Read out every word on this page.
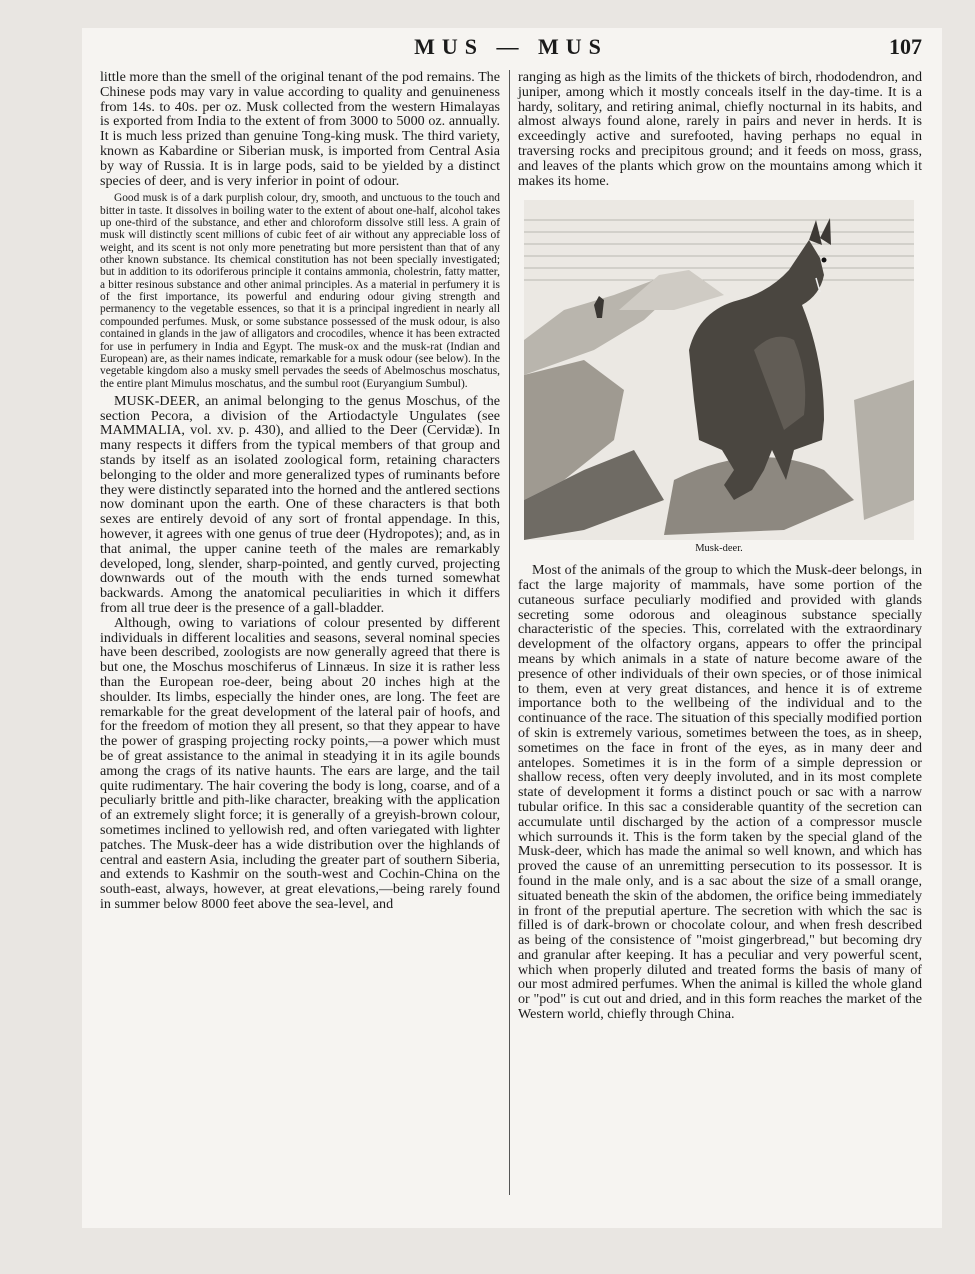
MUS — MUS	107

little more than the smell of the original tenant of the pod remains. The Chinese pods may vary in value according to quality and genuineness from 14s. to 40s. per oz. Musk collected from the western Himalayas is exported from India to the extent of from 3000 to 5000 oz. annually. It is much less prized than genuine Tong-king musk. The third variety, known as Kabardine or Siberian musk, is imported from Central Asia by way of Russia. It is in large pods, said to be yielded by a distinct species of deer, and is very inferior in point of odour.

Good musk is of a dark purplish colour, dry, smooth, and unctuous to the touch and bitter in taste. It dissolves in boiling water to the extent of about one-half, alcohol takes up one-third of the substance, and ether and chloroform dissolve still less. A grain of musk will distinctly scent millions of cubic feet of air without any appreciable loss of weight, and its scent is not only more penetrating but more persistent than that of any other known substance. Its chemical constitution has not been specially investigated; but in addition to its odoriferous principle it contains ammonia, cholestrin, fatty matter, a bitter resinous substance and other animal principles. As a material in perfumery it is of the first importance, its powerful and enduring odour giving strength and permanency to the vegetable essences, so that it is a principal ingredient in nearly all compounded perfumes. Musk, or some substance possessed of the musk odour, is also contained in glands in the jaw of alligators and crocodiles, whence it has been extracted for use in perfumery in India and Egypt. The musk-ox and the musk-rat (Indian and European) are, as their names indicate, remarkable for a musk odour (see below). In the vegetable kingdom also a musky smell pervades the seeds of Abelmoschus moschatus, the entire plant Mimulus moschatus, and the sumbul root (Euryangium Sumbul).

MUSK-DEER, an animal belonging to the genus Moschus, of the section Pecora, a division of the Artiodactyle Ungulates (see MAMMALIA, vol. xv. p. 430), and allied to the Deer (Cervidæ). In many respects it differs from the typical members of that group and stands by itself as an isolated zoological form, retaining characters belonging to the older and more generalized types of ruminants before they were distinctly separated into the horned and the antlered sections now dominant upon the earth. One of these characters is that both sexes are entirely devoid of any sort of frontal appendage. In this, however, it agrees with one genus of true deer (Hydropotes); and, as in that animal, the upper canine teeth of the males are remarkably developed, long, slender, sharp-pointed, and gently curved, projecting downwards out of the mouth with the ends turned somewhat backwards. Among the anatomical peculiarities in which it differs from all true deer is the presence of a gall-bladder.

Although, owing to variations of colour presented by different individuals in different localities and seasons, several nominal species have been described, zoologists are now generally agreed that there is but one, the Moschus moschiferus of Linnæus. In size it is rather less than the European roe-deer, being about 20 inches high at the shoulder. Its limbs, especially the hinder ones, are long. The feet are remarkable for the great development of the lateral pair of hoofs, and for the freedom of motion they all present, so that they appear to have the power of grasping projecting rocky points,—a power which must be of great assistance to the animal in steadying it in its agile bounds among the crags of its native haunts. The ears are large, and the tail quite rudimentary. The hair covering the body is long, coarse, and of a peculiarly brittle and pith-like character, breaking with the application of an extremely slight force; it is generally of a greyish-brown colour, sometimes inclined to yellowish red, and often variegated with lighter patches. The Musk-deer has a wide distribution over the highlands of central and eastern Asia, including the greater part of southern Siberia, and extends to Kashmir on the south-west and Cochin-China on the south-east, always, however, at great elevations,—being rarely found in summer below 8000 feet above the sea-level, and

ranging as high as the limits of the thickets of birch, rhododendron, and juniper, among which it mostly conceals itself in the day-time. It is a hardy, solitary, and retiring animal, chiefly nocturnal in its habits, and almost always found alone, rarely in pairs and never in herds. It is exceedingly active and surefooted, having perhaps no equal in traversing rocks and precipitous ground; and it feeds on moss, grass, and leaves of the plants which grow on the mountains among which it makes its home.

Musk-deer.

Most of the animals of the group to which the Musk-deer belongs, in fact the large majority of mammals, have some portion of the cutaneous surface peculiarly modified and provided with glands secreting some odorous and oleaginous substance specially characteristic of the species. This, correlated with the extraordinary development of the olfactory organs, appears to offer the principal means by which animals in a state of nature become aware of the presence of other individuals of their own species, or of those inimical to them, even at very great distances, and hence it is of extreme importance both to the wellbeing of the individual and to the continuance of the race. The situation of this specially modified portion of skin is extremely various, sometimes between the toes, as in sheep, sometimes on the face in front of the eyes, as in many deer and antelopes. Sometimes it is in the form of a simple depression or shallow recess, often very deeply involuted, and in its most complete state of development it forms a distinct pouch or sac with a narrow tubular orifice. In this sac a considerable quantity of the secretion can accumulate until discharged by the action of a compressor muscle which surrounds it. This is the form taken by the special gland of the Musk-deer, which has made the animal so well known, and which has proved the cause of an unremitting persecution to its possessor. It is found in the male only, and is a sac about the size of a small orange, situated beneath the skin of the abdomen, the orifice being immediately in front of the preputial aperture. The secretion with which the sac is filled is of dark-brown or chocolate colour, and when fresh described as being of the consistence of "moist gingerbread," but becoming dry and granular after keeping. It has a peculiar and very powerful scent, which when properly diluted and treated forms the basis of many of our most admired perfumes. When the animal is killed the whole gland or "pod" is cut out and dried, and in this form reaches the market of the Western world, chiefly through China.
